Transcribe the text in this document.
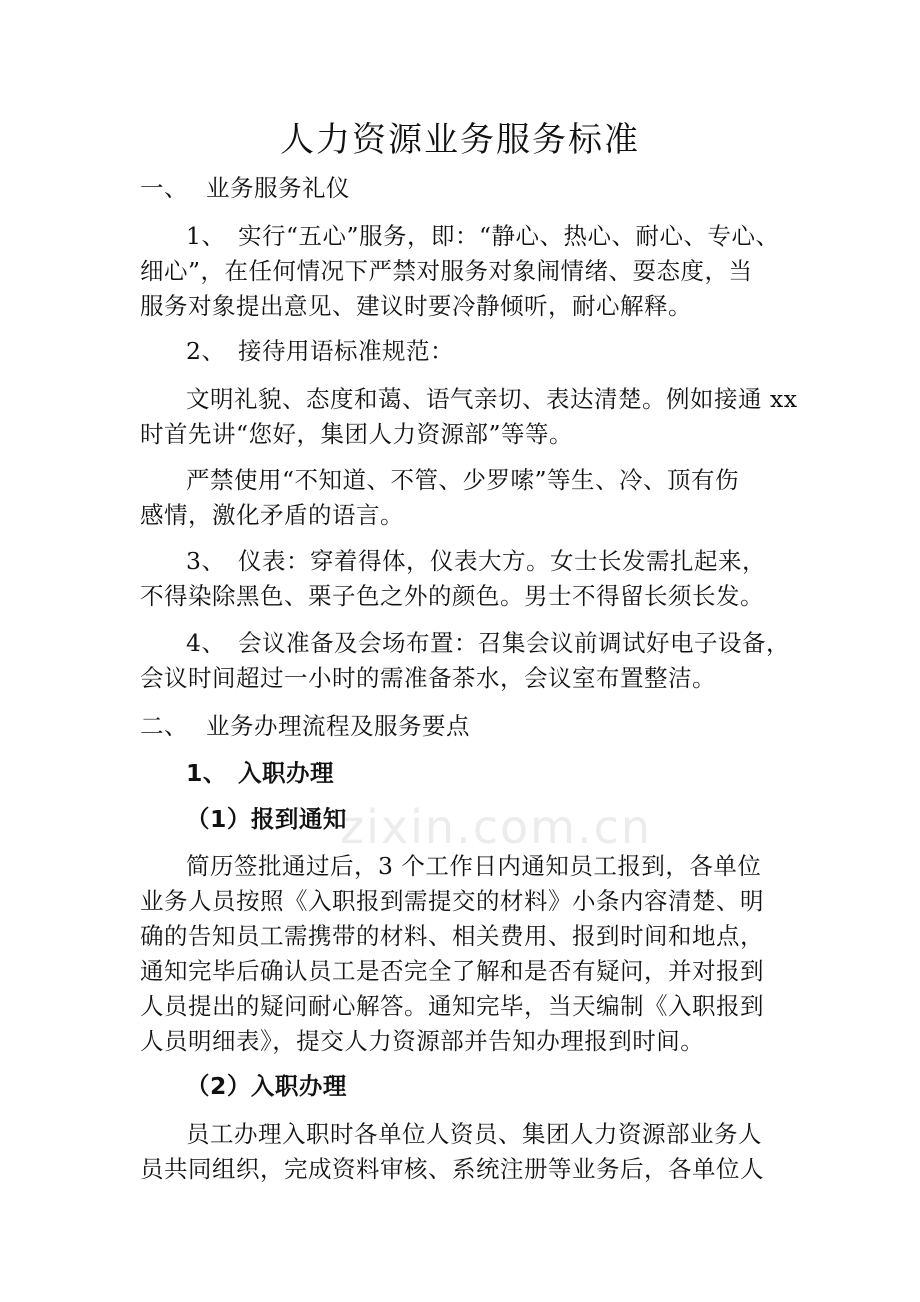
zixin.com.cn
人力资源业务服务标准
一、 业务服务礼仪
1、 实行“五心”服务，即：“静心、热心、耐心、专心、
细心”，在任何情况下严禁对服务对象闹情绪、耍态度，当
服务对象提出意见、建议时要冷静倾听，耐心解释。
2、 接待用语标准规范：
文明礼貌、态度和蔼、语气亲切、表达清楚。例如接通 xx
时首先讲“您好，集团人力资源部”等等。
严禁使用“不知道、不管、少罗嗦”等生、冷、顶有伤
感情，激化矛盾的语言。
3、 仪表：穿着得体，仪表大方。女士长发需扎起来，
不得染除黑色、栗子色之外的颜色。男士不得留长须长发。
4、 会议准备及会场布置：召集会议前调试好电子设备，
会议时间超过一小时的需准备茶水，会议室布置整洁。
二、 业务办理流程及服务要点
1、 入职办理
（1）报到通知
简历签批通过后，3 个工作日内通知员工报到，各单位
业务人员按照《入职报到需提交的材料》小条内容清楚、明
确的告知员工需携带的材料、相关费用、报到时间和地点，
通知完毕后确认员工是否完全了解和是否有疑问，并对报到
人员提出的疑问耐心解答。通知完毕，当天编制《入职报到
人员明细表》，提交人力资源部并告知办理报到时间。
（2）入职办理
员工办理入职时各单位人资员、集团人力资源部业务人
员共同组织，完成资料审核、系统注册等业务后，各单位人
